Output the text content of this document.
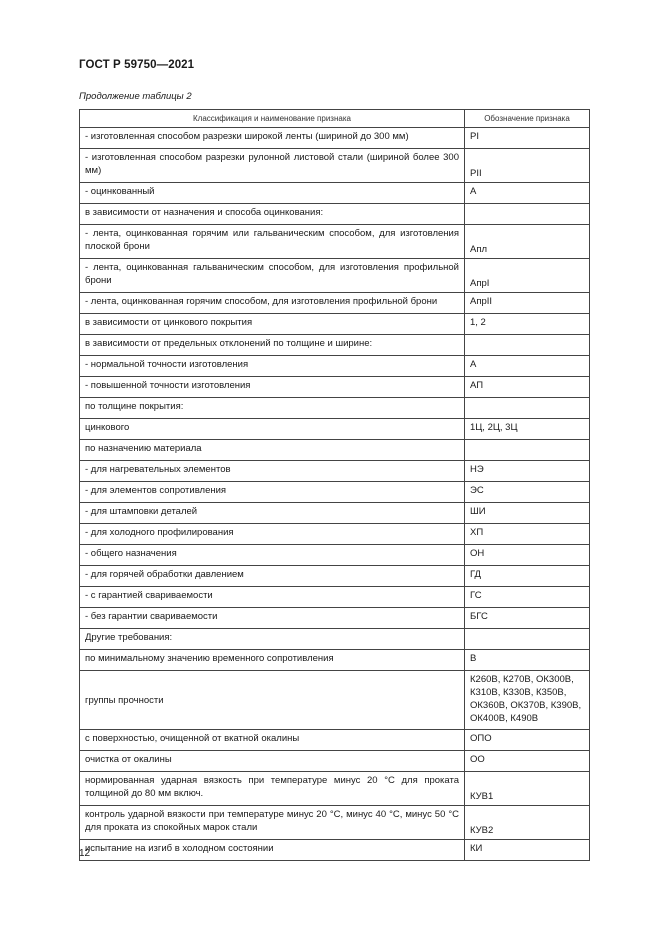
ГОСТ Р 59750—2021
Продолжение таблицы 2
Классификация и наименование признака	Обозначение признака
- изготовленная способом разрезки широкой ленты (шириной до 300 мм)	PI
- изготовленная способом разрезки рулонной листовой стали (шириной более 300 мм)	PII
- оцинкованный	А
в зависимости от назначения и способа оцинкования:	
- лента, оцинкованная горячим или гальваническим способом, для изготовления плоской брони	Апл
- лента, оцинкованная гальваническим способом, для изготовления профильной брони	АпрI
- лента, оцинкованная горячим способом, для изготовления профильной брони	АпрII
в зависимости от цинкового покрытия	1, 2
в зависимости от предельных отклонений по толщине и ширине:	
- нормальной точности изготовления	А
- повышенной точности изготовления	АП
по толщине покрытия:	
цинкового	1Ц, 2Ц, 3Ц
по назначению материала	
- для нагревательных элементов	НЭ
- для элементов сопротивления	ЭС
- для штамповки деталей	ШИ
- для холодного профилирования	ХП
- общего назначения	ОН
- для горячей обработки давлением	ГД
- с гарантией свариваемости	ГС
- без гарантии свариваемости	БГС
Другие требования:	
по минимальному значению временного сопротивления	В
группы прочности	К260В, К270В, ОК300В, К310В, К330В, К350В, ОК360В, ОК370В, К390В, ОК400В, К490В
с поверхностью, очищенной от вкатной окалины	ОПО
очистка от окалины	ОО
нормированная ударная вязкость при температуре минус 20 °С для проката толщиной до 80 мм включ.	КУВ1
контроль ударной вязкости при температуре минус 20 °С, минус 40 °С, минус 50 °С для проката из спокойных марок стали	КУВ2
испытание на изгиб в холодном состоянии	КИ
12
